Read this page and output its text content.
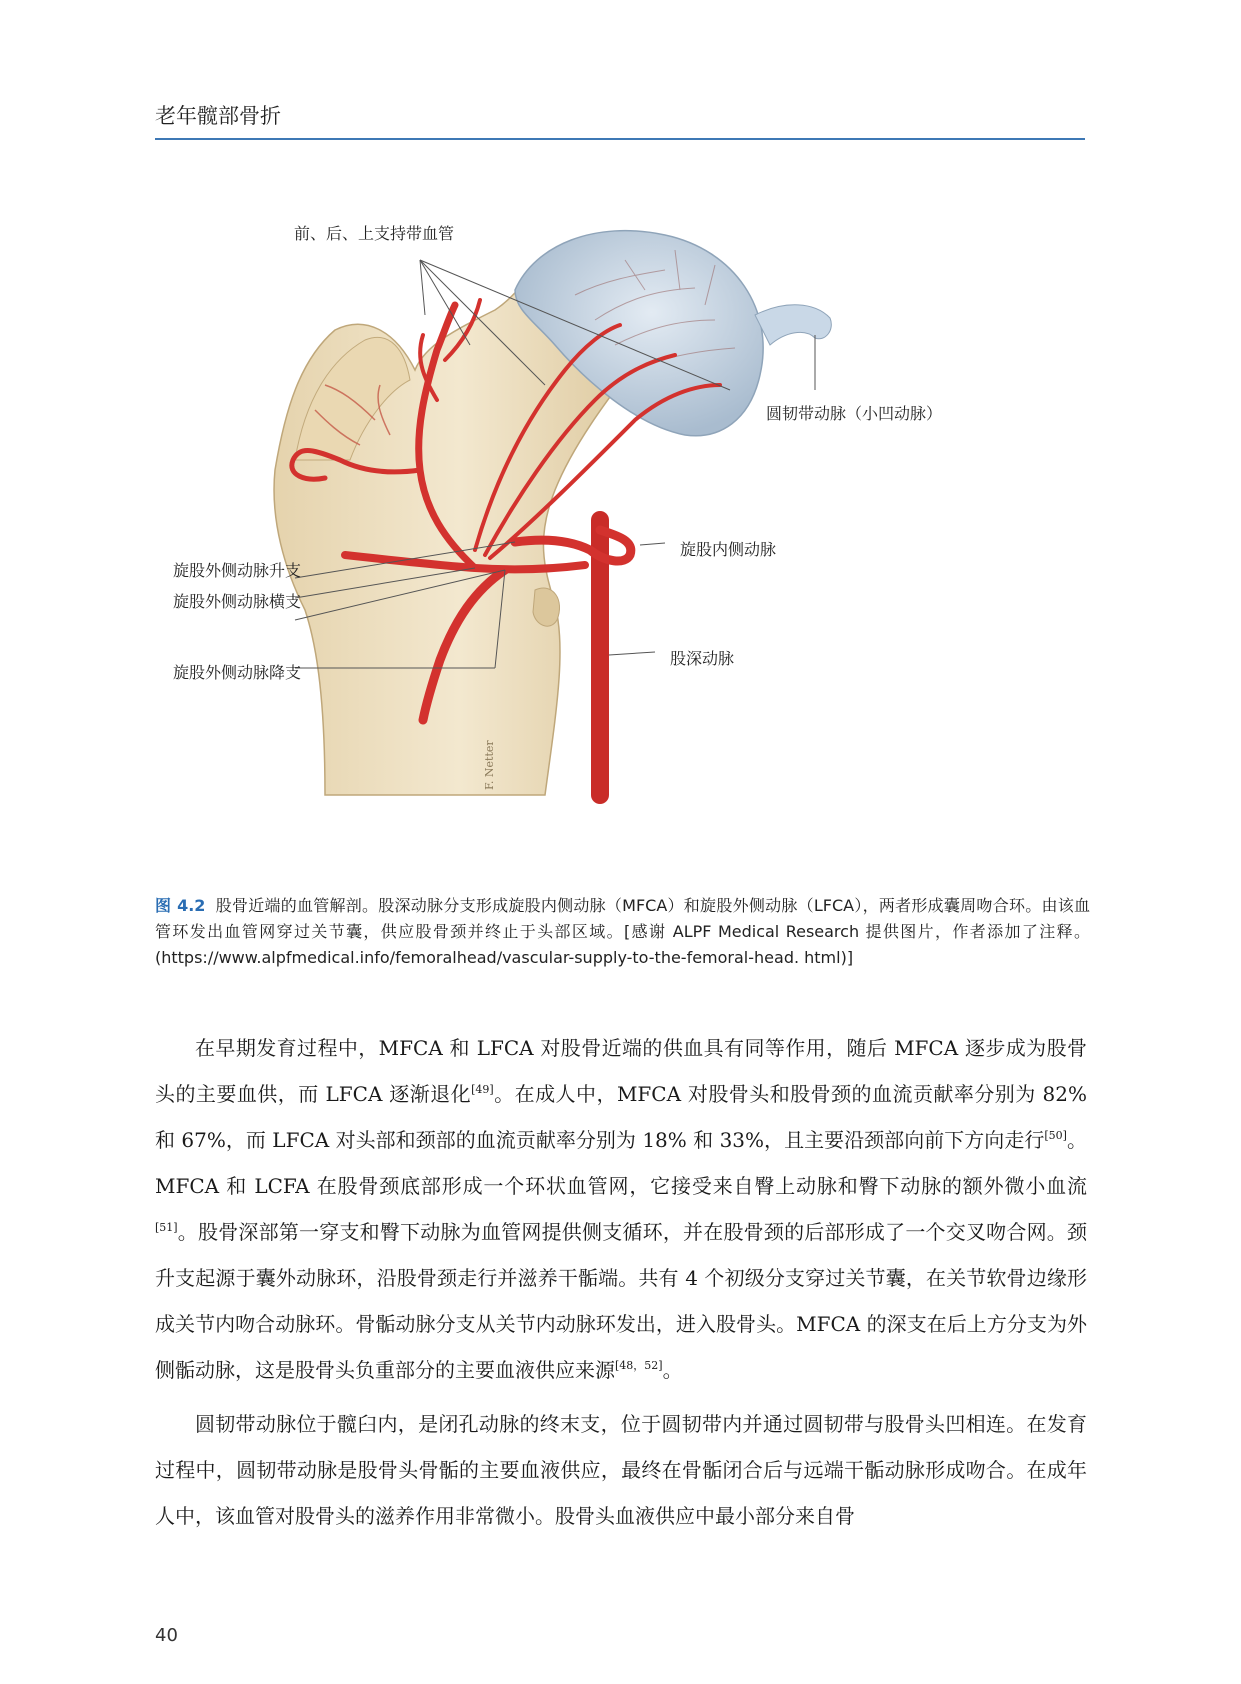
老年髋部骨折
F. Netter
前、后、上支持带血管
圆韧带动脉（小凹动脉）
旋股内侧动脉
旋股外侧动脉升支
旋股外侧动脉横支
股深动脉
旋股外侧动脉降支
图 4.2 股骨近端的血管解剖。股深动脉分支形成旋股内侧动脉（MFCA）和旋股外侧动脉（LFCA），两者形成囊周吻合环。由该血管环发出血管网穿过关节囊，供应股骨颈并终止于头部区域。[感谢 ALPF Medical Research 提供图片，作者添加了注释。(https://www.alpfmedical.info/femoralhead/vascular-supply-to-the-femoral-head. html)]

在早期发育过程中，MFCA 和 LFCA 对股骨近端的供血具有同等作用，随后 MFCA 逐步成为股骨头的主要血供，而 LFCA 逐渐退化[49]。在成人中，MFCA 对股骨头和股骨颈的血流贡献率分别为 82% 和 67%，而 LFCA 对头部和颈部的血流贡献率分别为 18% 和 33%，且主要沿颈部向前下方向走行[50]。MFCA 和 LCFA 在股骨颈底部形成一个环状血管网，它接受来自臀上动脉和臀下动脉的额外微小血流[51]。股骨深部第一穿支和臀下动脉为血管网提供侧支循环，并在股骨颈的后部形成了一个交叉吻合网。颈升支起源于囊外动脉环，沿股骨颈走行并滋养干骺端。共有 4 个初级分支穿过关节囊，在关节软骨边缘形成关节内吻合动脉环。骨骺动脉分支从关节内动脉环发出，进入股骨头。MFCA 的深支在后上方分支为外侧骺动脉，这是股骨头负重部分的主要血液供应来源[48，52]。

圆韧带动脉位于髋臼内，是闭孔动脉的终末支，位于圆韧带内并通过圆韧带与股骨头凹相连。在发育过程中，圆韧带动脉是股骨头骨骺的主要血液供应，最终在骨骺闭合后与远端干骺动脉形成吻合。在成年人中，该血管对股骨头的滋养作用非常微小。股骨头血液供应中最小部分来自骨

40
